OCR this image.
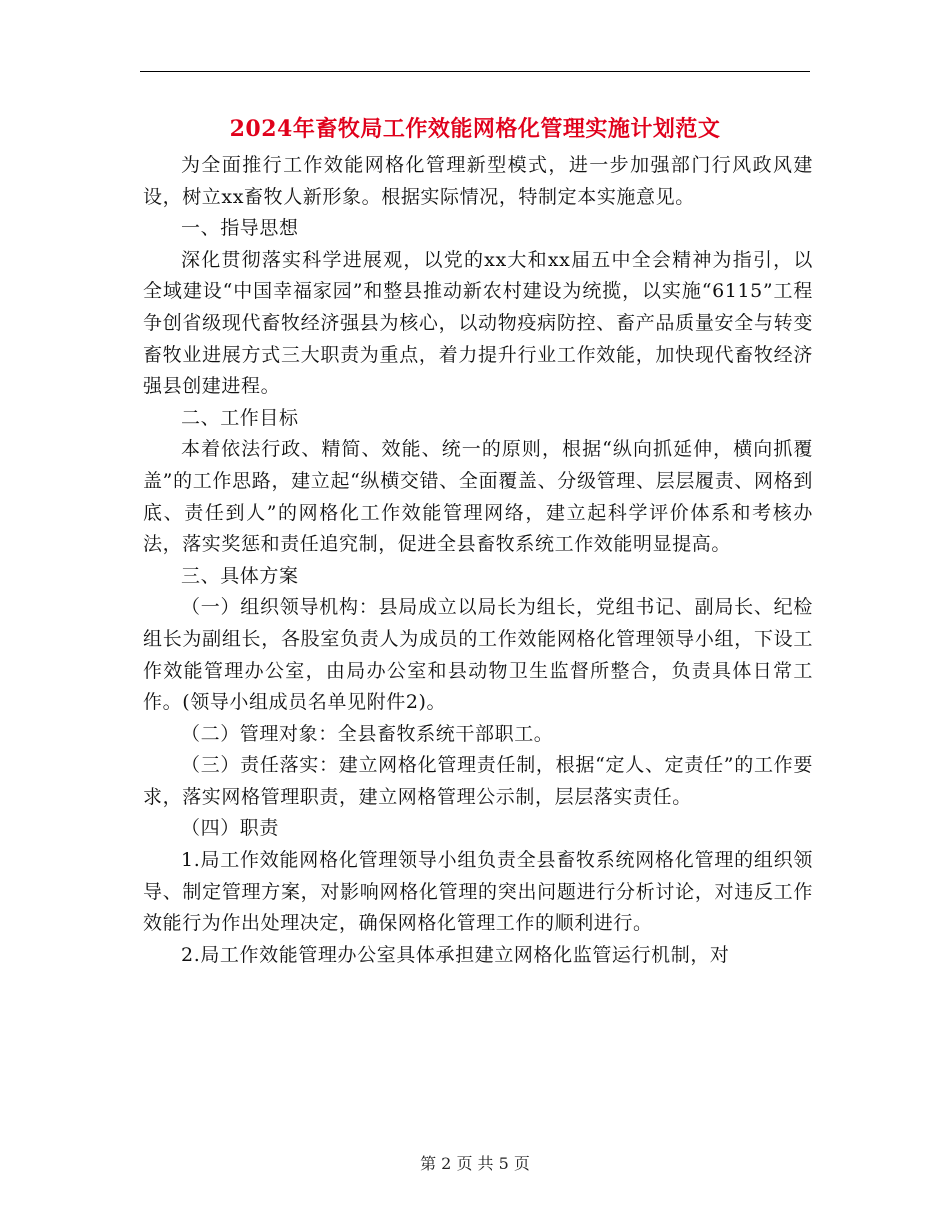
2024年畜牧局工作效能网格化管理实施计划范文

为全面推行工作效能网格化管理新型模式，进一步加强部门行风政风建设，树立xx畜牧人新形象。根据实际情况，特制定本实施意见。

一、指导思想

深化贯彻落实科学进展观，以党的xx大和xx届五中全会精神为指引，以全域建设“中国幸福家园”和整县推动新农村建设为统揽，以实施“6115”工程争创省级现代畜牧经济强县为核心，以动物疫病防控、畜产品质量安全与转变畜牧业进展方式三大职责为重点，着力提升行业工作效能，加快现代畜牧经济强县创建进程。

二、工作目标

本着依法行政、精简、效能、统一的原则，根据“纵向抓延伸，横向抓覆盖”的工作思路，建立起“纵横交错、全面覆盖、分级管理、层层履责、网格到底、责任到人”的网格化工作效能管理网络，建立起科学评价体系和考核办法，落实奖惩和责任追究制，促进全县畜牧系统工作效能明显提高。

三、具体方案

（一）组织领导机构：县局成立以局长为组长，党组书记、副局长、纪检组长为副组长，各股室负责人为成员的工作效能网格化管理领导小组，下设工作效能管理办公室，由局办公室和县动物卫生监督所整合，负责具体日常工作。(领导小组成员名单见附件2)。

（二）管理对象：全县畜牧系统干部职工。

（三）责任落实：建立网格化管理责任制，根据“定人、定责任”的工作要求，落实网格管理职责，建立网格管理公示制，层层落实责任。

（四）职责

1.局工作效能网格化管理领导小组负责全县畜牧系统网格化管理的组织领导、制定管理方案，对影响网格化管理的突出问题进行分析讨论，对违反工作效能行为作出处理决定，确保网格化管理工作的顺利进行。

2.局工作效能管理办公室具体承担建立网格化监管运行机制，对

第 2 页 共 5 页
